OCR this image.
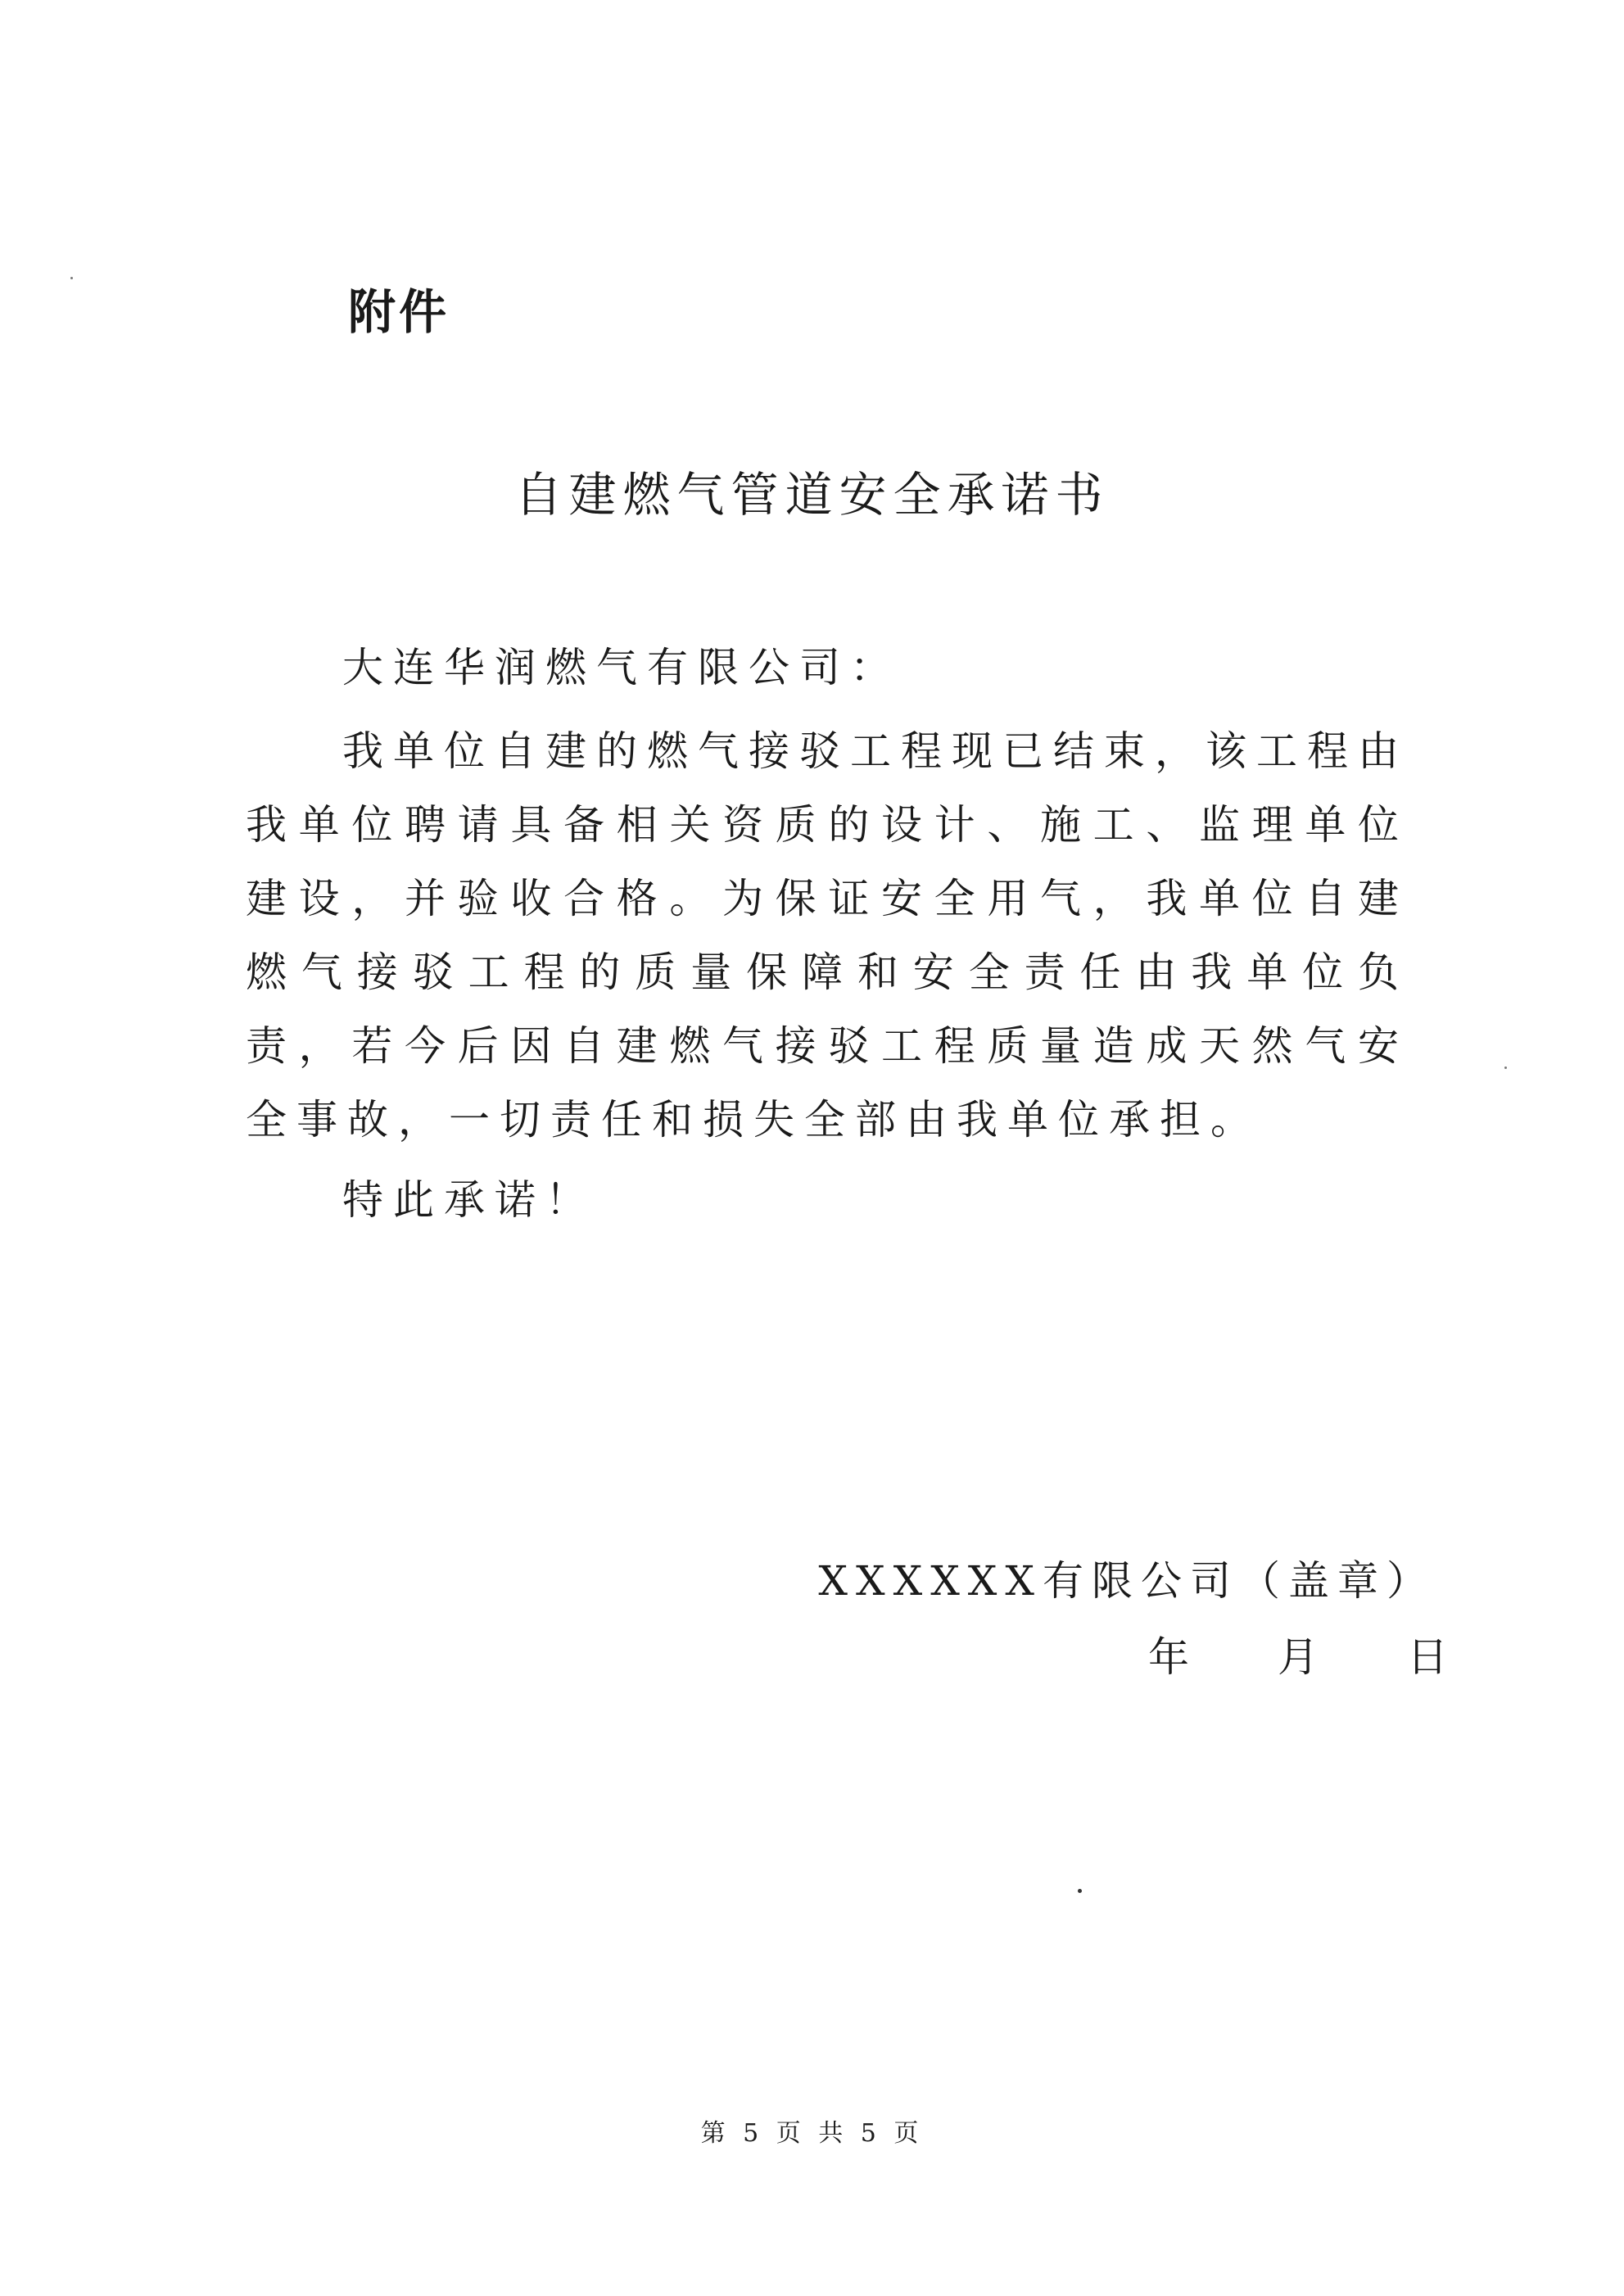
附件
自建燃气管道安全承诺书
大连华润燃气有限公司：

我单位自建的燃气接驳工程现已结束，该工程由我单位聘请具备相关资质的设计、施工、监理单位建设，并验收合格。为保证安全用气，我单位自建燃气接驳工程的质量保障和安全责任由我单位负责，若今后因自建燃气接驳工程质量造成天然气安全事故，一切责任和损失全部由我单位承担。

特此承诺！
XXXXXX有限公司（盖章）
年 月 日
第 5 页 共 5 页
